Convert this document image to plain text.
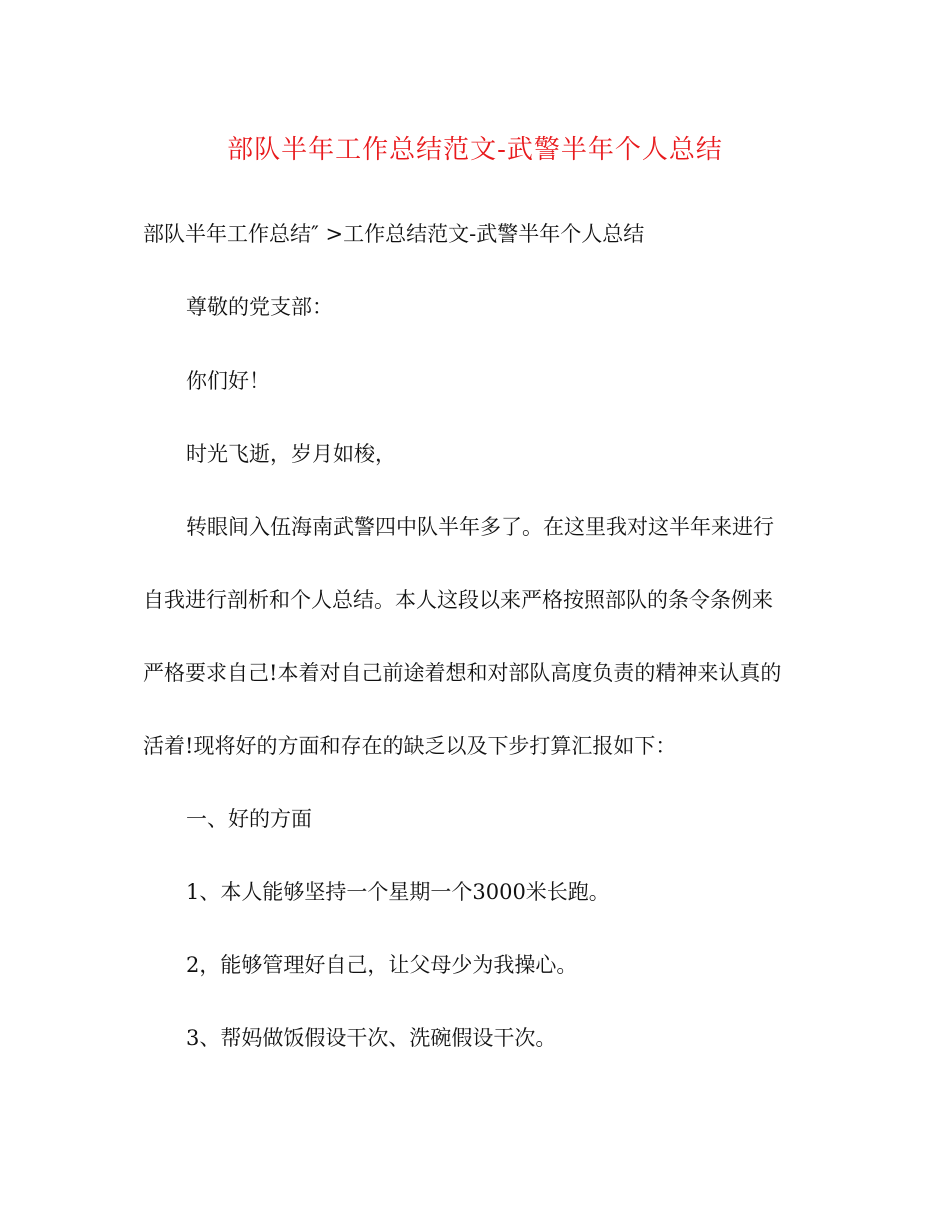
部队半年工作总结范文-武警半年个人总结
部队半年工作总结″ >工作总结范文-武警半年个人总结
尊敬的党支部：
你们好！
时光飞逝，岁月如梭，
转眼间入伍海南武警四中队半年多了。在这里我对这半年来进行
自我进行剖析和个人总结。本人这段以来严格按照部队的条令条例来
严格要求自己!本着对自己前途着想和对部队高度负责的精神来认真的
活着!现将好的方面和存在的缺乏以及下步打算汇报如下：
一、好的方面
1、本人能够坚持一个星期一个3000米长跑。
2，能够管理好自己，让父母少为我操心。
3、帮妈做饭假设干次、洗碗假设干次。
